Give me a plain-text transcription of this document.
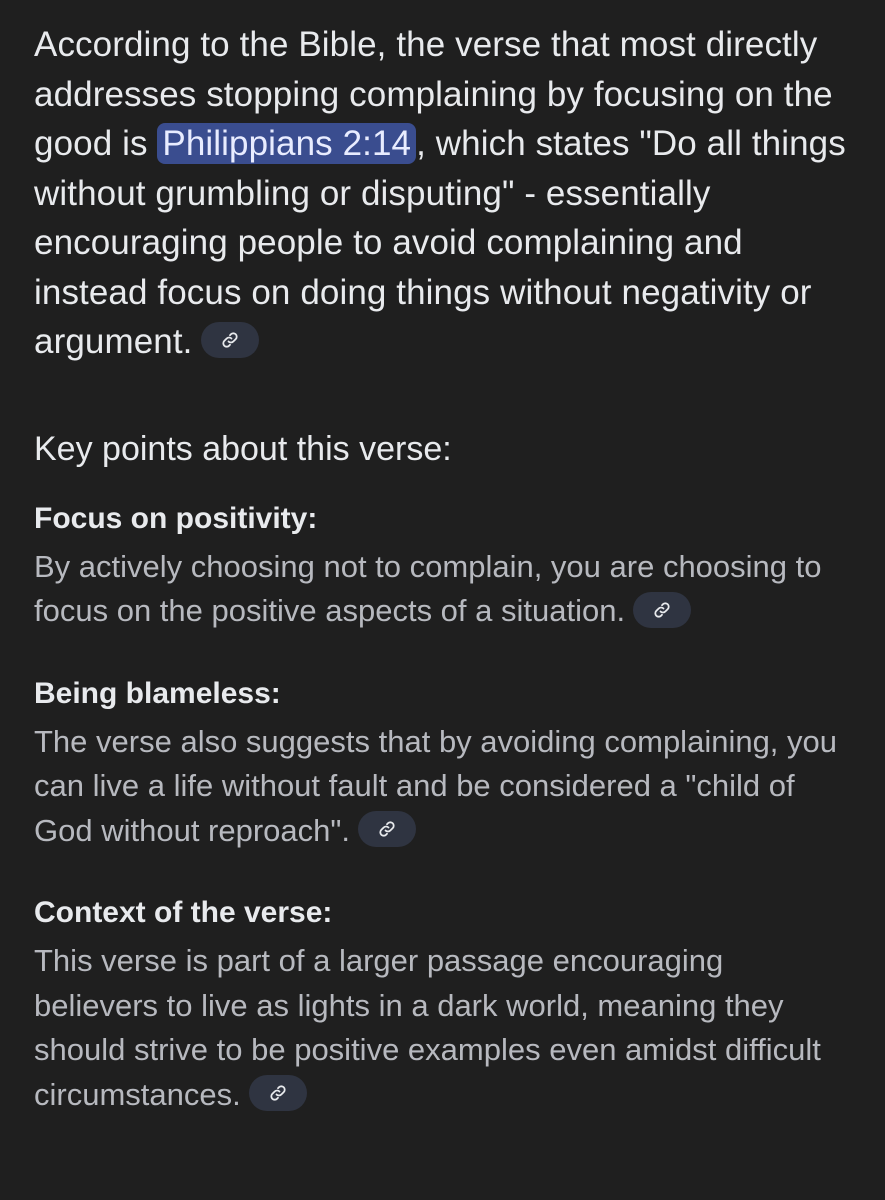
According to the Bible, the verse that most directly addresses stopping complaining by focusing on the good is Philippians 2:14 , which states "Do all things without grumbling or disputing" - essentially encouraging people to avoid complaining and instead focus on doing things without negativity or argument.

Key points about this verse:
Focus on positivity:

By actively choosing not to complain, you are choosing to focus on the positive aspects of a situation.

Being blameless:

The verse also suggests that by avoiding complaining, you can live a life without fault and be considered a "child of God without reproach".

Context of the verse:

This verse is part of a larger passage encouraging believers to live as lights in a dark world, meaning they should strive to be positive examples even amidst difficult circumstances.
